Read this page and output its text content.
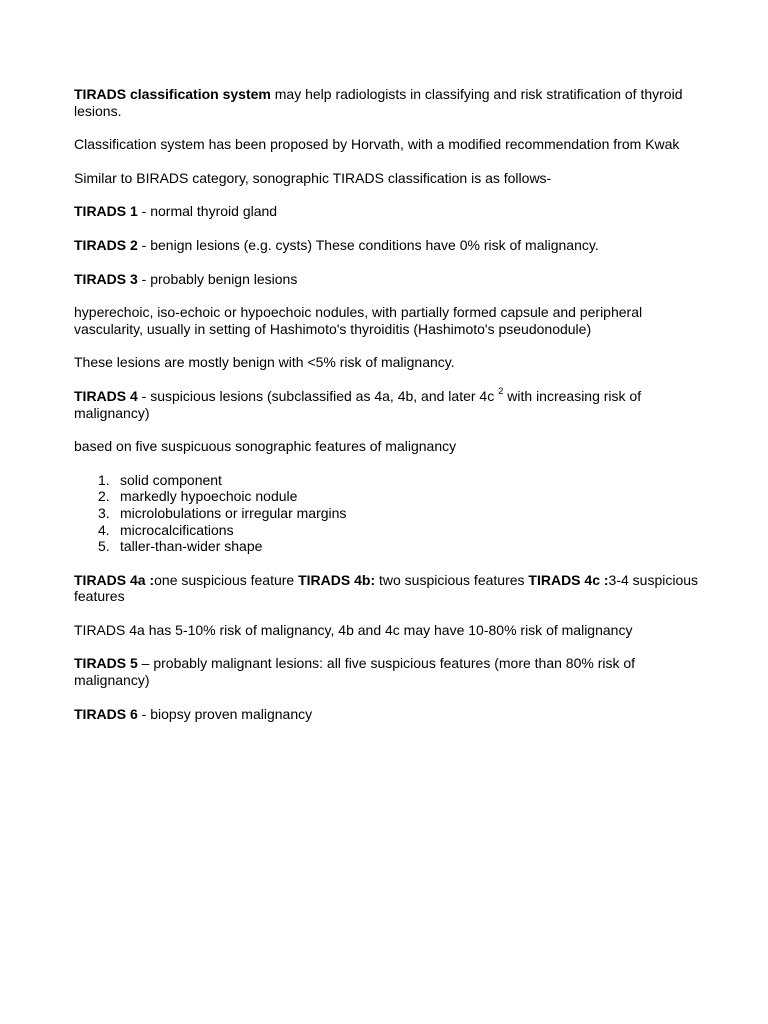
TIRADS classification system may help radiologists in classifying and risk stratification of thyroid lesions.

Classification system has been proposed by Horvath, with a modified recommendation from Kwak

Similar to BIRADS category, sonographic TIRADS classification is as follows-

TIRADS 1 - normal thyroid gland

TIRADS 2 - benign lesions (e.g. cysts) These conditions have 0% risk of malignancy.

TIRADS 3 - probably benign lesions

hyperechoic, iso-echoic or hypoechoic nodules, with partially formed capsule and peripheral vascularity, usually in setting of Hashimoto's thyroiditis (Hashimoto's pseudonodule)

These lesions are mostly benign with <5% risk of malignancy.

TIRADS 4 - suspicious lesions (subclassified as 4a, 4b, and later 4c $^2$ with increasing risk of malignancy)

based on five suspicuous sonographic features of malignancy

1. solid component
2. markedly hypoechoic nodule
3. microlobulations or irregular margins
4. microcalcifications
5. taller-than-wider shape

TIRADS 4a :one suspicious feature TIRADS 4b: two suspicious features TIRADS 4c :3-4 suspicious features

TIRADS 4a has 5-10% risk of malignancy, 4b and 4c may have 10-80% risk of malignancy

TIRADS 5 – probably malignant lesions: all five suspicious features (more than 80% risk of malignancy)

TIRADS 6 - biopsy proven malignancy
